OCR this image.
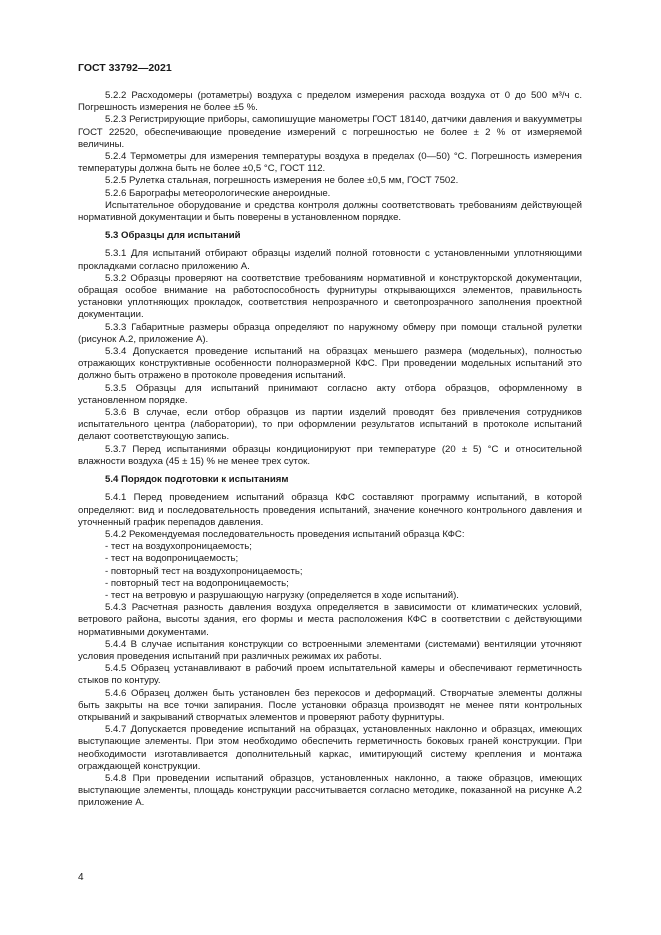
ГОСТ 33792—2021
5.2.2 Расходомеры (ротаметры) воздуха с пределом измерения расхода воздуха от 0 до 500 м³/ч с. Погрешность измерения не более ±5 %.
5.2.3 Регистрирующие приборы, самопишущие манометры ГОСТ 18140, датчики давления и вакуумметры ГОСТ 22520, обеспечивающие проведение измерений с погрешностью не более ± 2 % от измеряемой величины.
5.2.4 Термометры для измерения температуры воздуха в пределах (0—50) °С. Погрешность измерения температуры должна быть не более ±0,5 °С, ГОСТ 112.
5.2.5 Рулетка стальная, погрешность измерения не более ±0,5 мм, ГОСТ 7502.
5.2.6 Барографы метеорологические анероидные.
Испытательное оборудование и средства контроля должны соответствовать требованиям действующей нормативной документации и быть поверены в установленном порядке.
5.3 Образцы для испытаний
5.3.1 Для испытаний отбирают образцы изделий полной готовности с установленными уплотняющими прокладками согласно приложению А.
5.3.2 Образцы проверяют на соответствие требованиям нормативной и конструкторской документации, обращая особое внимание на работоспособность фурнитуры открывающихся элементов, правильность установки уплотняющих прокладок, соответствия непрозрачного и светопрозрачного заполнения проектной документации.
5.3.3 Габаритные размеры образца определяют по наружному обмеру при помощи стальной рулетки (рисунок А.2, приложение А).
5.3.4 Допускается проведение испытаний на образцах меньшего размера (модельных), полностью отражающих конструктивные особенности полноразмерной КФС. При проведении модельных испытаний это должно быть отражено в протоколе проведения испытаний.
5.3.5 Образцы для испытаний принимают согласно акту отбора образцов, оформленному в установленном порядке.
5.3.6 В случае, если отбор образцов из партии изделий проводят без привлечения сотрудников испытательного центра (лаборатории), то при оформлении результатов испытаний в протоколе испытаний делают соответствующую запись.
5.3.7 Перед испытаниями образцы кондиционируют при температуре (20 ± 5) °С и относительной влажности воздуха (45 ± 15) % не менее трех суток.
5.4 Порядок подготовки к испытаниям
5.4.1 Перед проведением испытаний образца КФС составляют программу испытаний, в которой определяют: вид и последовательность проведения испытаний, значение конечного контрольного давления и уточненный график перепадов давления.
5.4.2 Рекомендуемая последовательность проведения испытаний образца КФС:
- тест на воздухопроницаемость;
- тест на водопроницаемость;
- повторный тест на воздухопроницаемость;
- повторный тест на водопроницаемость;
- тест на ветровую и разрушающую нагрузку (определяется в ходе испытаний).
5.4.3 Расчетная разность давления воздуха определяется в зависимости от климатических условий, ветрового района, высоты здания, его формы и места расположения КФС в соответствии с действующими нормативными документами.
5.4.4 В случае испытания конструкции со встроенными элементами (системами) вентиляции уточняют условия проведения испытаний при различных режимах их работы.
5.4.5 Образец устанавливают в рабочий проем испытательной камеры и обеспечивают герметичность стыков по контуру.
5.4.6 Образец должен быть установлен без перекосов и деформаций. Створчатые элементы должны быть закрыты на все точки запирания. После установки образца производят не менее пяти контрольных открываний и закрываний створчатых элементов и проверяют работу фурнитуры.
5.4.7 Допускается проведение испытаний на образцах, установленных наклонно и образцах, имеющих выступающие элементы. При этом необходимо обеспечить герметичность боковых граней конструкции. При необходимости изготавливается дополнительный каркас, имитирующий систему крепления и монтажа ограждающей конструкции.
5.4.8 При проведении испытаний образцов, установленных наклонно, а также образцов, имеющих выступающие элементы, площадь конструкции рассчитывается согласно методике, показанной на рисунке А.2 приложение А.
4
